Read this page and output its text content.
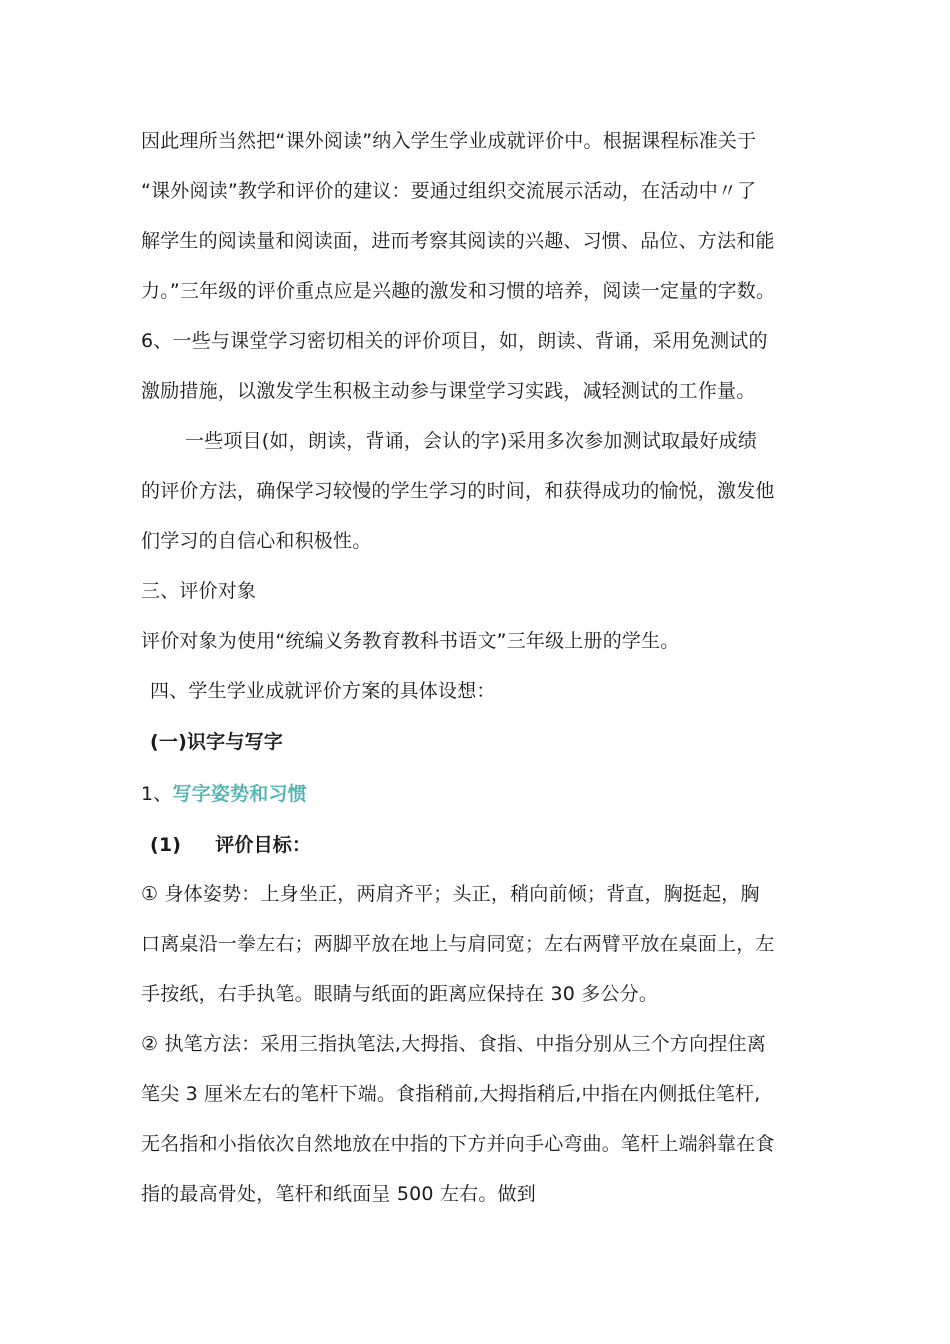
因此理所当然把“课外阅读”纳入学生学业成就评价中。根据课程标准关于
“课外阅读”教学和评价的建议：要通过组织交流展示活动，在活动中〃了
解学生的阅读量和阅读面，进而考察其阅读的兴趣、习惯、品位、方法和能
力。”三年级的评价重点应是兴趣的激发和习惯的培养，阅读一定量的字数。
6、一些与课堂学习密切相关的评价项目，如，朗读、背诵，采用免测试的
激励措施，以激发学生积极主动参与课堂学习实践，减轻测试的工作量。
一些项目(如，朗读，背诵，会认的字)采用多次参加测试取最好成绩
的评价方法，确保学习较慢的学生学习的时间，和获得成功的愉悦，激发他
们学习的自信心和积极性。
三、评价对象
评价对象为使用“统编义务教育教科书语文”三年级上册的学生。
四、学生学业成就评价方案的具体设想：
(一)识字与写字
1、写字姿势和习惯
(1) 评价目标：
① 身体姿势：上身坐正，两肩齐平；头正，稍向前倾；背直，胸挺起，胸
口离桌沿一拳左右；两脚平放在地上与肩同宽；左右两臂平放在桌面上，左
手按纸，右手执笔。眼睛与纸面的距离应保持在 30 多公分。
② 执笔方法：采用三指执笔法,大拇指、食指、中指分别从三个方向捏住离
笔尖 3 厘米左右的笔杆下端。食指稍前,大拇指稍后,中指在内侧抵住笔杆,
无名指和小指依次自然地放在中指的下方并向手心弯曲。笔杆上端斜靠在食
指的最高骨处，笔杆和纸面呈 500 左右。做到
